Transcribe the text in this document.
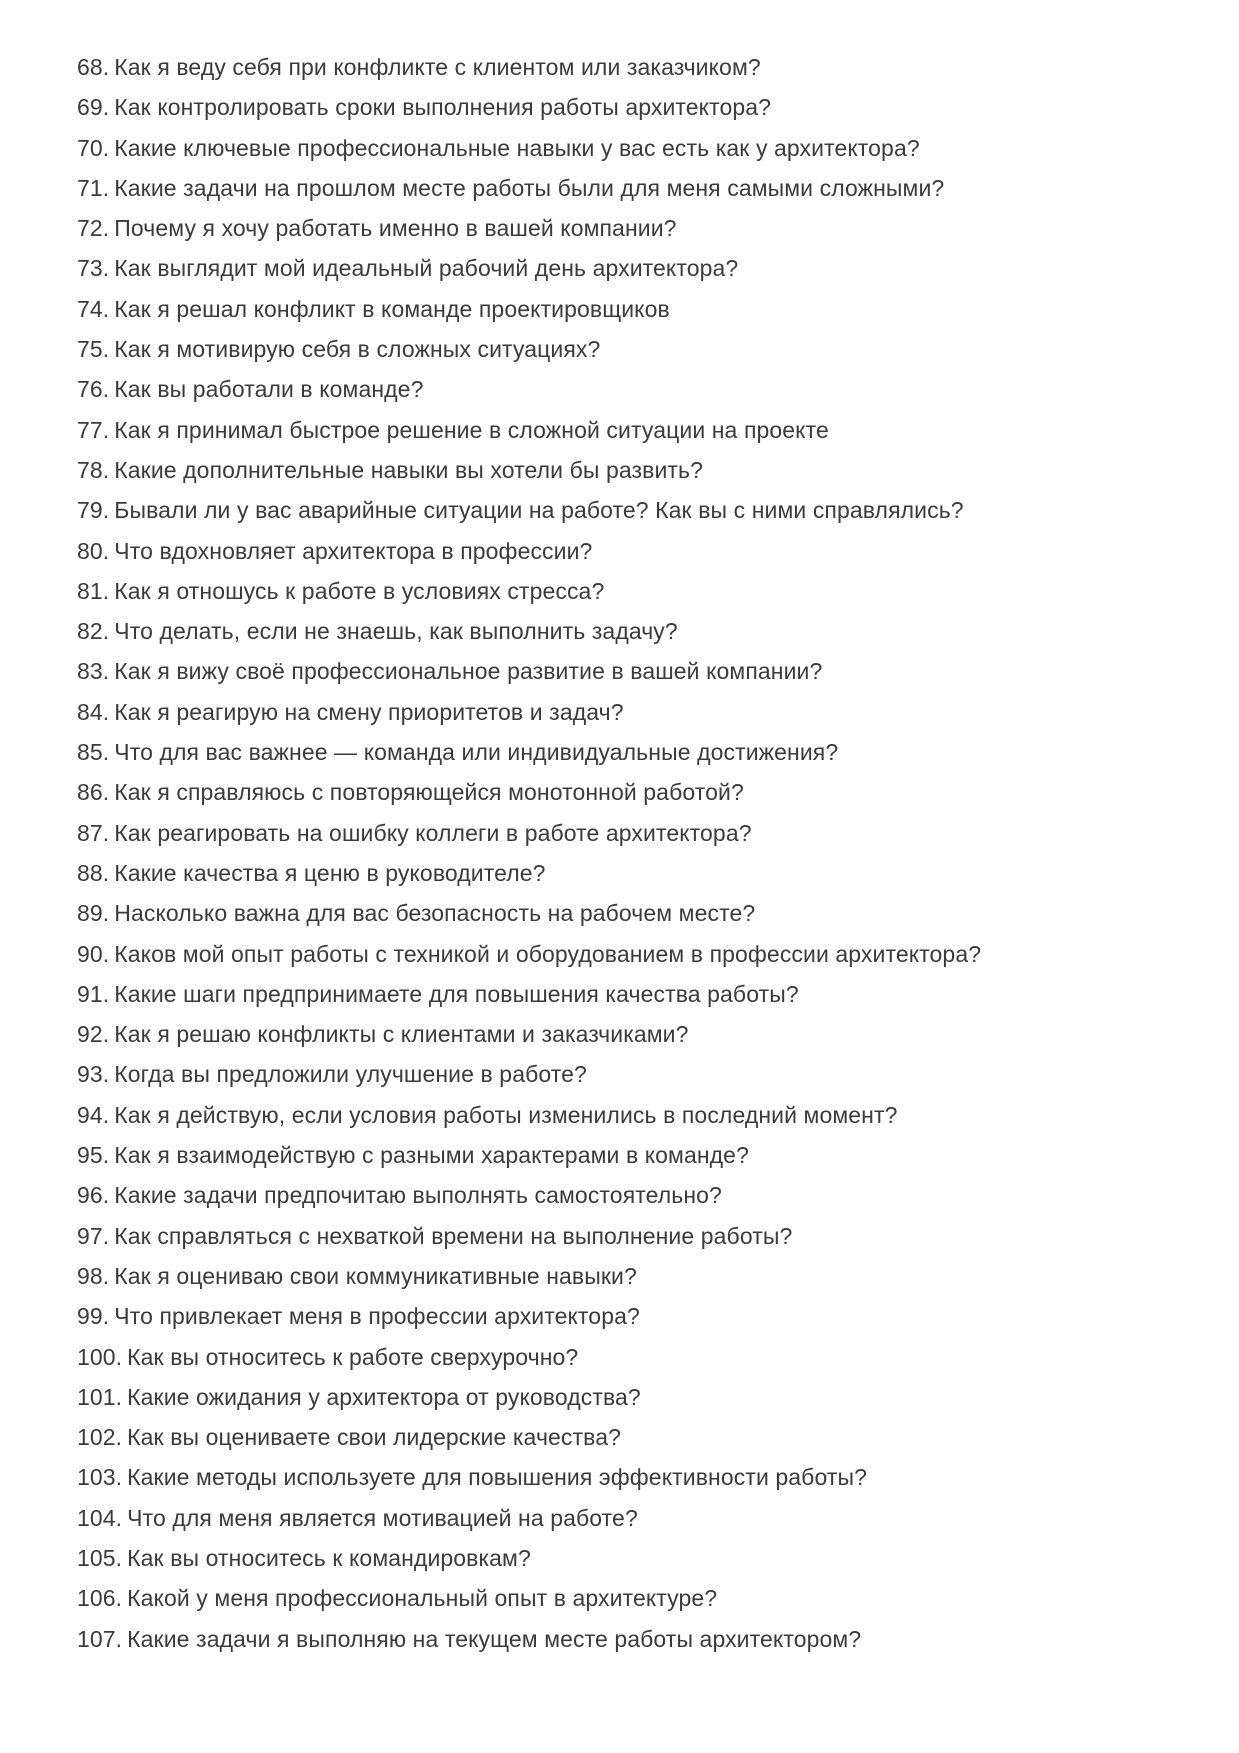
68. Как я веду себя при конфликте с клиентом или заказчиком?
69. Как контролировать сроки выполнения работы архитектора?
70. Какие ключевые профессиональные навыки у вас есть как у архитектора?
71. Какие задачи на прошлом месте работы были для меня самыми сложными?
72. Почему я хочу работать именно в вашей компании?
73. Как выглядит мой идеальный рабочий день архитектора?
74. Как я решал конфликт в команде проектировщиков
75. Как я мотивирую себя в сложных ситуациях?
76. Как вы работали в команде?
77. Как я принимал быстрое решение в сложной ситуации на проекте
78. Какие дополнительные навыки вы хотели бы развить?
79. Бывали ли у вас аварийные ситуации на работе? Как вы с ними справлялись?
80. Что вдохновляет архитектора в профессии?
81. Как я отношусь к работе в условиях стресса?
82. Что делать, если не знаешь, как выполнить задачу?
83. Как я вижу своё профессиональное развитие в вашей компании?
84. Как я реагирую на смену приоритетов и задач?
85. Что для вас важнее — команда или индивидуальные достижения?
86. Как я справляюсь с повторяющейся монотонной работой?
87. Как реагировать на ошибку коллеги в работе архитектора?
88. Какие качества я ценю в руководителе?
89. Насколько важна для вас безопасность на рабочем месте?
90. Каков мой опыт работы с техникой и оборудованием в профессии архитектора?
91. Какие шаги предпринимаете для повышения качества работы?
92. Как я решаю конфликты с клиентами и заказчиками?
93. Когда вы предложили улучшение в работе?
94. Как я действую, если условия работы изменились в последний момент?
95. Как я взаимодействую с разными характерами в команде?
96. Какие задачи предпочитаю выполнять самостоятельно?
97. Как справляться с нехваткой времени на выполнение работы?
98. Как я оцениваю свои коммуникативные навыки?
99. Что привлекает меня в профессии архитектора?
100. Как вы относитесь к работе сверхурочно?
101. Какие ожидания у архитектора от руководства?
102. Как вы оцениваете свои лидерские качества?
103. Какие методы используете для повышения эффективности работы?
104. Что для меня является мотивацией на работе?
105. Как вы относитесь к командировкам?
106. Какой у меня профессиональный опыт в архитектуре?
107. Какие задачи я выполняю на текущем месте работы архитектором?
